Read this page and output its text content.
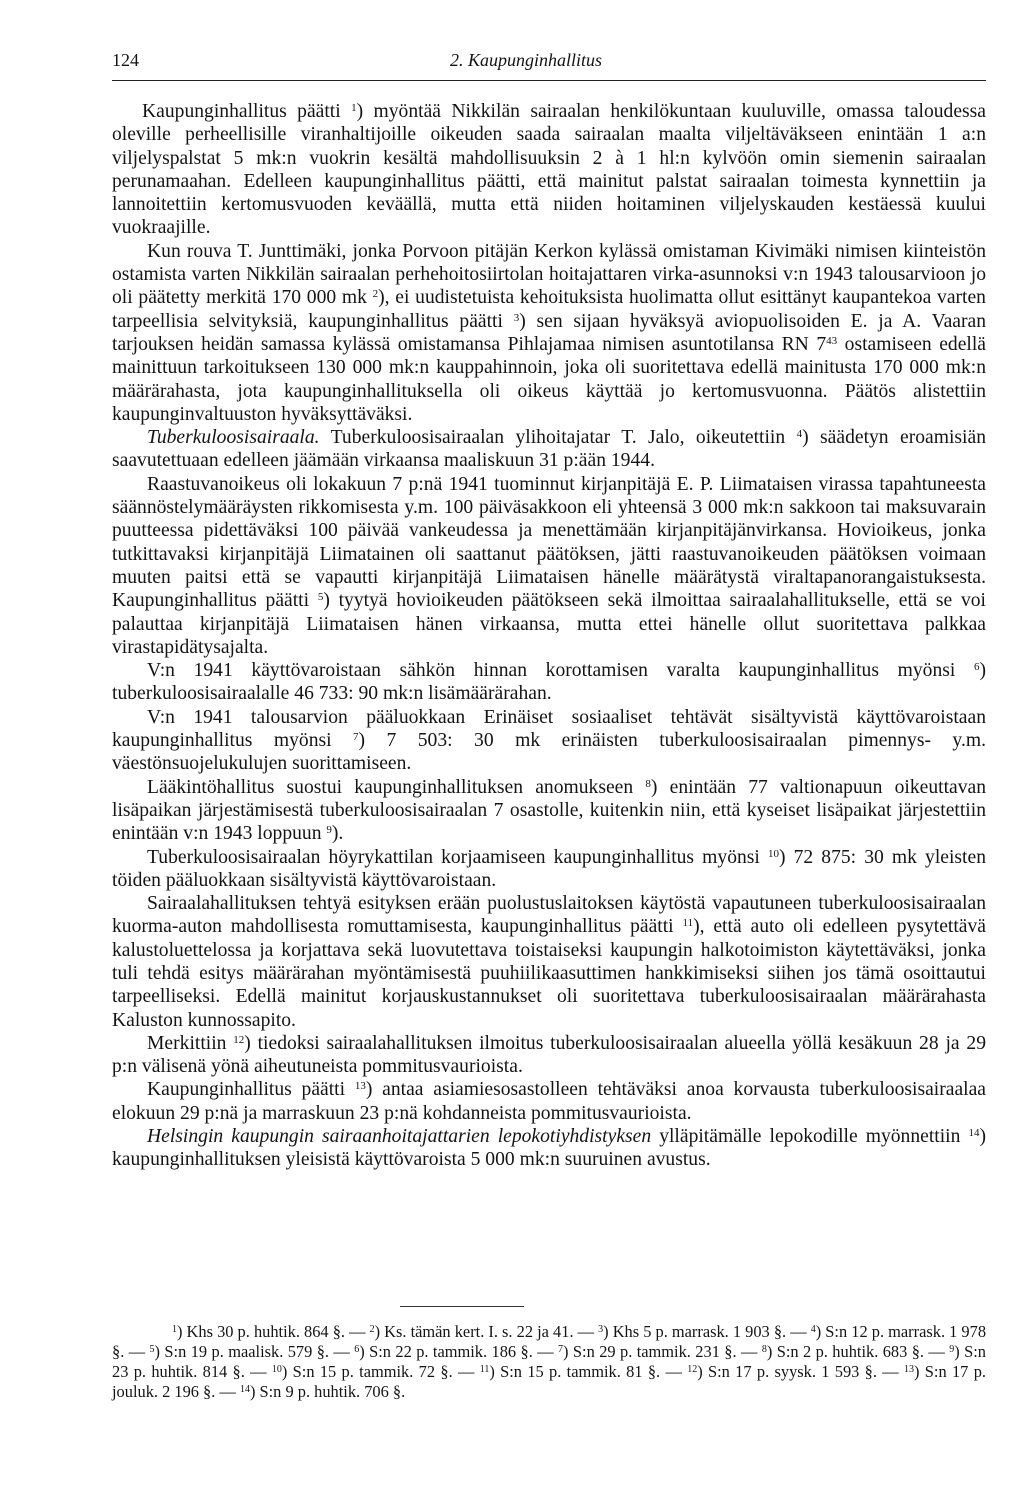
124	2. Kaupunginhallitus

Kaupunginhallitus päätti $^1$) myöntää Nikkilän sairaalan henkilökuntaan kuuluville, omassa taloudessa oleville perheellisille viranhaltijoille oikeuden saada sairaalan maalta viljeltäväkseen enintään 1 a:n viljelyspalstat 5 mk:n vuokrin kesältä mahdollisuuksin 2 à 1 hl:n kylvöön omin siemenin sairaalan perunamaahan. Edelleen kaupunginhallitus päätti, että mainitut palstat sairaalan toimesta kynnettiin ja lannoitettiin kertomusvuoden keväällä, mutta että niiden hoitaminen viljelyskauden kestäessä kuului vuokraajille.

Kun rouva T. Junttimäki, jonka Porvoon pitäjän Kerkon kylässä omistaman Kivimäki nimisen kiinteistön ostamista varten Nikkilän sairaalan perhehoitosiirtolan hoitajattaren virka-asunnoksi v:n 1943 talousarvioon jo oli päätetty merkitä 170 000 mk $^2$), ei uudistetuista kehoituksista huolimatta ollut esittänyt kaupantekoa varten tarpeellisia selvityksiä, kaupunginhallitus päätti $^3$) sen sijaan hyväksyä aviopuolisoiden E. ja A. Vaaran tarjouksen heidän samassa kylässä omistamansa Pihlajamaa nimisen asuntotilansa RN $7^{43}$ ostamiseen edellä mainittuun tarkoitukseen 130 000 mk:n kauppahinnoin, joka oli suoritettava edellä mainitusta 170 000 mk:n määrärahasta, jota kaupunginhallituksella oli oikeus käyttää jo kertomusvuonna. Päätös alistettiin kaupunginvaltuuston hyväksyttäväksi.

Tuberkuloosisairaala. Tuberkuloosisairaalan ylihoitajatar T. Jalo, oikeutettiin $^4$) säädetyn eroamisiän saavutettuaan edelleen jäämään virkaansa maaliskuun 31 p:ään 1944.

Raastuvanoikeus oli lokakuun 7 p:nä 1941 tuominnut kirjanpitäjä E. P. Liimataisen virassa tapahtuneesta säännöstelymääräysten rikkomisesta y.m. 100 päiväsakkoon eli yhteensä 3 000 mk:n sakkoon tai maksuvarain puutteessa pidettäväksi 100 päivää vankeudessa ja menettämään kirjanpitäjänvirkansa. Hovioikeus, jonka tutkittavaksi kirjanpitäjä Liimatainen oli saattanut päätöksen, jätti raastuvanoikeuden päätöksen voimaan muuten paitsi että se vapautti kirjanpitäjä Liimataisen hänelle määrätystä viraltapanorangaistuksesta. Kaupunginhallitus päätti $^5$) tyytyä hovioikeuden päätökseen sekä ilmoittaa sairaalahallitukselle, että se voi palauttaa kirjanpitäjä Liimataisen hänen virkaansa, mutta ettei hänelle ollut suoritettava palkkaa virastapidätysajalta.

V:n 1941 käyttövaroistaan sähkön hinnan korottamisen varalta kaupunginhallitus myönsi $^6$) tuberkuloosisairaalalle 46 733: 90 mk:n lisämäärärahan.

V:n 1941 talousarvion pääluokkaan Erinäiset sosiaaliset tehtävät sisältyvistä käyttövaroistaan kaupunginhallitus myönsi $^7$) 7 503: 30 mk erinäisten tuberkuloosisairaalan pimennys- y.m. väestönsuojelukulujen suorittamiseen.

Lääkintöhallitus suostui kaupunginhallituksen anomukseen $^8$) enintään 77 valtionapuun oikeuttavan lisäpaikan järjestämisestä tuberkuloosisairaalan 7 osastolle, kuitenkin niin, että kyseiset lisäpaikat järjestettiin enintään v:n 1943 loppuun $^9$).

Tuberkuloosisairaalan höyrykattilan korjaamiseen kaupunginhallitus myönsi $^{10}$) 72 875: 30 mk yleisten töiden pääluokkaan sisältyvistä käyttövaroistaan.

Sairaalahallituksen tehtyä esityksen erään puolustuslaitoksen käytöstä vapautuneen tuberkuloosisairaalan kuorma-auton mahdollisesta romuttamisesta, kaupunginhallitus päätti $^{11}$), että auto oli edelleen pysytettävä kalustoluettelossa ja korjattava sekä luovutettava toistaiseksi kaupungin halkotoimiston käytettäväksi, jonka tuli tehdä esitys määrärahan myöntämisestä puuhiilikaasuttimen hankkimiseksi siihen jos tämä osoittautui tarpeelliseksi. Edellä mainitut korjauskustannukset oli suoritettava tuberkuloosisairaalan määrärahasta Kaluston kunnossapito.

Merkittiin $^{12}$) tiedoksi sairaalahallituksen ilmoitus tuberkuloosisairaalan alueella yöllä kesäkuun 28 ja 29 p:n välisenä yönä aiheutuneista pommitusvaurioista.

Kaupunginhallitus päätti $^{13}$) antaa asiamiesosastolleen tehtäväksi anoa korvausta tuberkuloosisairaalaa elokuun 29 p:nä ja marraskuun 23 p:nä kohdanneista pommitusvaurioista.

Helsingin kaupungin sairaanhoitajattarien lepokotiyhdistyksen ylläpitämälle lepokodille myönnettiin $^{14}$) kaupunginhallituksen yleisistä käyttövaroista 5 000 mk:n suuruinen avustus.

$^1$) Khs 30 p. huhtik. 864 §. — $^2$) Ks. tämän kert. I. s. 22 ja 41. — $^3$) Khs 5 p. marrask. 1 903 §. — $^4$) S:n 12 p. marrask. 1 978 §. — $^5$) S:n 19 p. maalisk. 579 §. — $^6$) S:n 22 p. tammik. 186 §. — $^7$) S:n 29 p. tammik. 231 §. — $^8$) S:n 2 p. huhtik. 683 §. — $^9$) S:n 23 p. huhtik. 814 §. — $^{10}$) S:n 15 p. tammik. 72 §. — $^{11}$) S:n 15 p. tammik. 81 §. — $^{12}$) S:n 17 p. syysk. 1 593 §. — $^{13}$) S:n 17 p. jouluk. 2 196 §. — $^{14}$) S:n 9 p. huhtik. 706 §.
